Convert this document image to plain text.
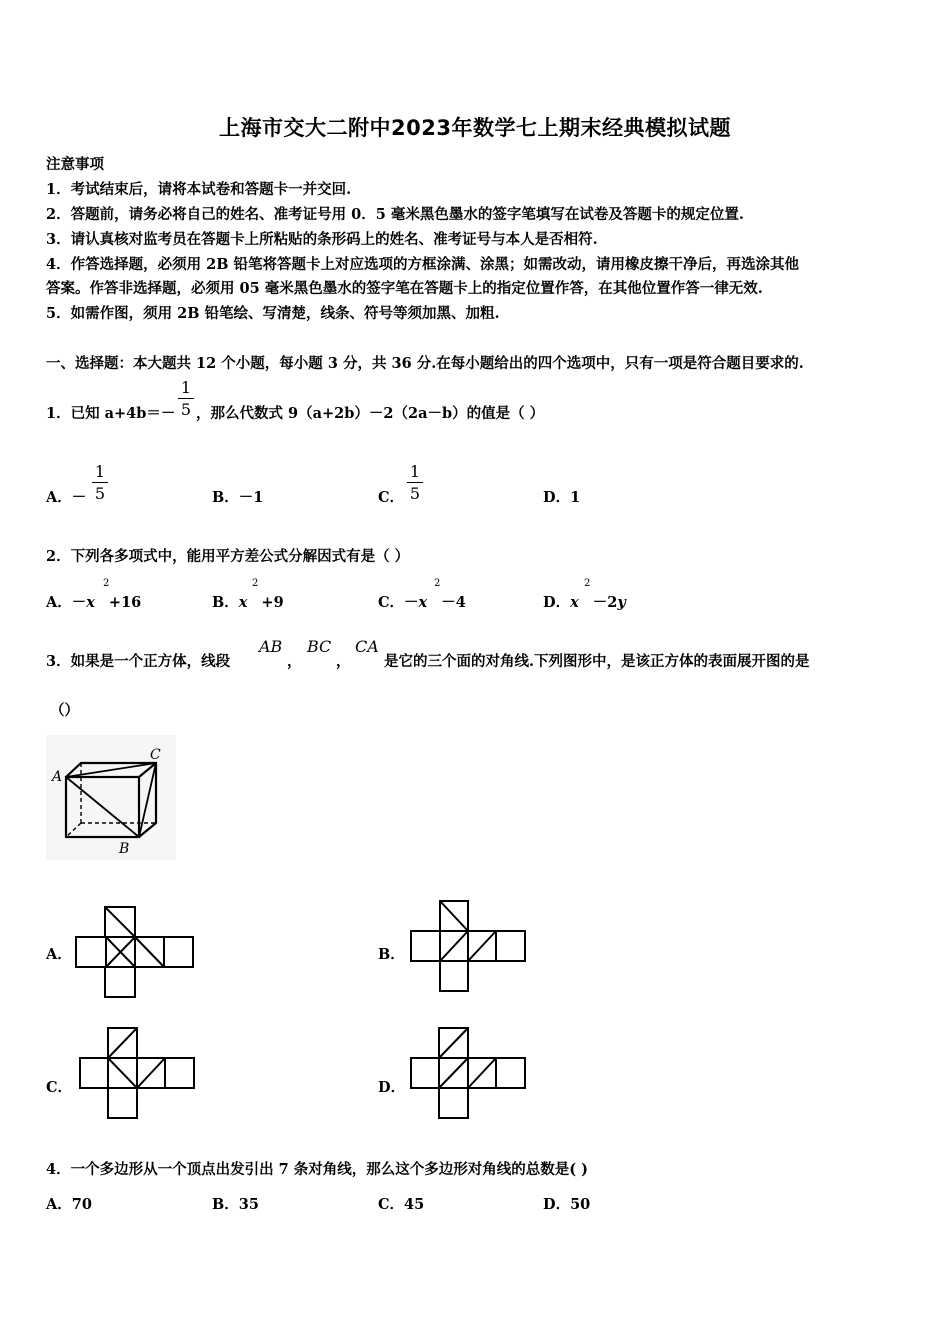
上海市交大二附中2023年数学七上期末经典模拟试题
注意事项
1．考试结束后，请将本试卷和答题卡一并交回.
2．答题前，请务必将自己的姓名、准考证号用 0．5 毫米黑色墨水的签字笔填写在试卷及答题卡的规定位置.
3．请认真核对监考员在答题卡上所粘贴的条形码上的姓名、准考证号与本人是否相符.
4．作答选择题，必须用 2B 铅笔将答题卡上对应选项的方框涂满、涂黑；如需改动，请用橡皮擦干净后，再选涂其他
答案。作答非选择题，必须用 05 毫米黑色墨水的签字笔在答题卡上的指定位置作答，在其他位置作答一律无效.
5．如需作图，须用 2B 铅笔绘、写清楚，线条、符号等须加黑、加粗.
一、选择题：本大题共 12 个小题，每小题 3 分，共 36 分.在每小题给出的四个选项中，只有一项是符合题目要求的.
1．已知 a+4b＝－
1
5 ，那么代数式 9（a+2b）－2（2a－b）的值是（ ）
A．－
1
5	B．－1	C．
1
5	D．1
2．下列各多项式中，能用平方差公式分解因式有是（ ）
A．－x +16
2
B．x +9
2
C．－x －4
2
D．x －2y
2
3．如果是一个正方体，线段
AB
，
BC
，
CA
是它的三个面的对角线.下列图形中，是该正方体的表面展开图的是
（）
A
B
C
A．	B．
C．	D．
4．一个多边形从一个顶点出发引出 7 条对角线，那么这个多边形对角线的总数是( )
A．70	B．35	C．45	D．50
